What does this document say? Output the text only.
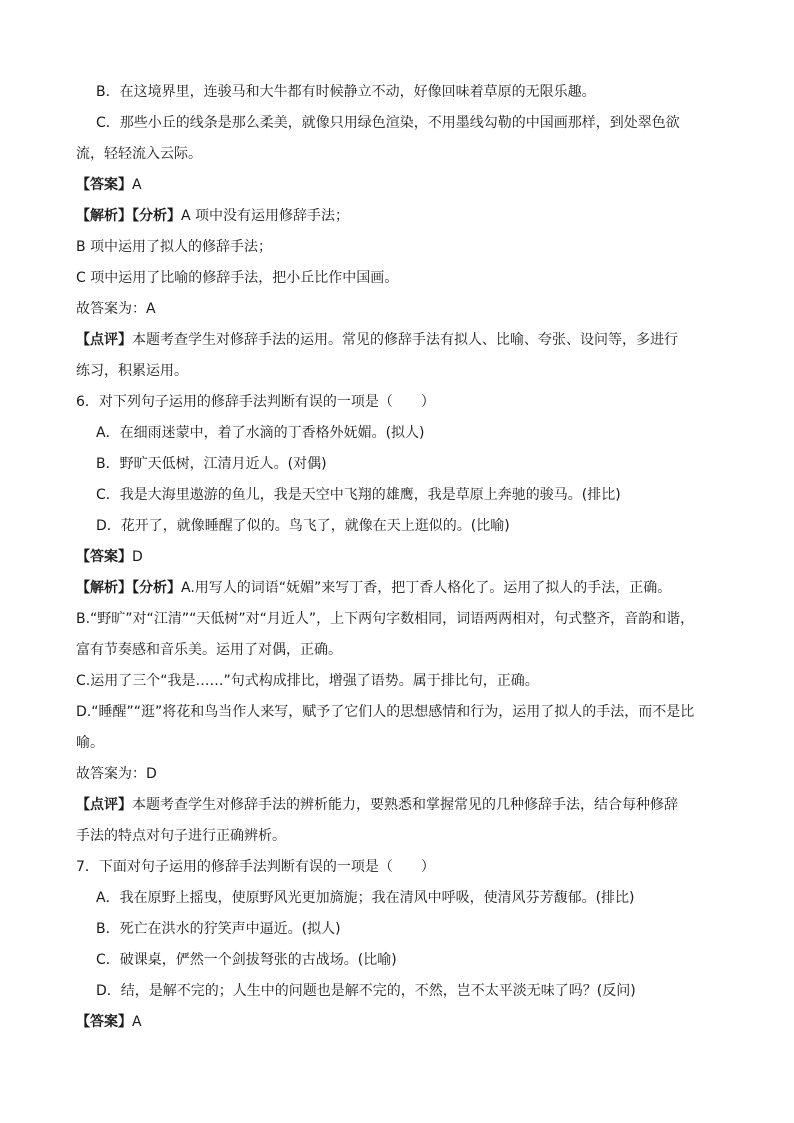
B．在这境界里，连骏马和大牛都有时候静立不动，好像回味着草原的无限乐趣。
C．那些小丘的线条是那么柔美，就像只用绿色渲染，不用墨线勾勒的中国画那样，到处翠色欲
流，轻轻流入云际。
【答案】A
【解析】【分析】A 项中没有运用修辞手法；
B 项中运用了拟人的修辞手法；
C 项中运用了比喻的修辞手法，把小丘比作中国画。
故答案为：A
【点评】本题考查学生对修辞手法的运用。常见的修辞手法有拟人、比喻、夸张、设问等，多进行
练习，积累运用。
6．对下列句子运用的修辞手法判断有误的一项是（　　）
A．在细雨迷蒙中，着了水滴的丁香格外妩媚。(拟人)
B．野旷天低树，江清月近人。(对偶)
C．我是大海里遨游的鱼儿，我是天空中飞翔的雄鹰，我是草原上奔驰的骏马。(排比)
D．花开了，就像睡醒了似的。鸟飞了，就像在天上逛似的。(比喻)
【答案】D
【解析】【分析】A.用写人的词语“妩媚”来写丁香，把丁香人格化了。运用了拟人的手法，正确。
B.“野旷”对“江清”“天低树”对“月近人”，上下两句字数相同，词语两两相对，句式整齐，音韵和谐，
富有节奏感和音乐美。运用了对偶，正确。
C.运用了三个“我是……”句式构成排比，增强了语势。属于排比句，正确。
D.“睡醒”“逛”将花和鸟当作人来写，赋予了它们人的思想感情和行为，运用了拟人的手法，而不是比
喻。
故答案为：D
【点评】本题考查学生对修辞手法的辨析能力，要熟悉和掌握常见的几种修辞手法，结合每种修辞
手法的特点对句子进行正确辨析。
7．下面对句子运用的修辞手法判断有误的一项是（　　）
A．我在原野上摇曳，使原野风光更加旖旎；我在清风中呼吸，使清风芬芳馥郁。(排比)
B．死亡在洪水的狞笑声中逼近。(拟人)
C．破课桌，俨然一个剑拔弩张的古战场。(比喻)
D．结，是解不完的；人生中的问题也是解不完的，不然，岂不太平淡无味了吗？(反问)
【答案】A
